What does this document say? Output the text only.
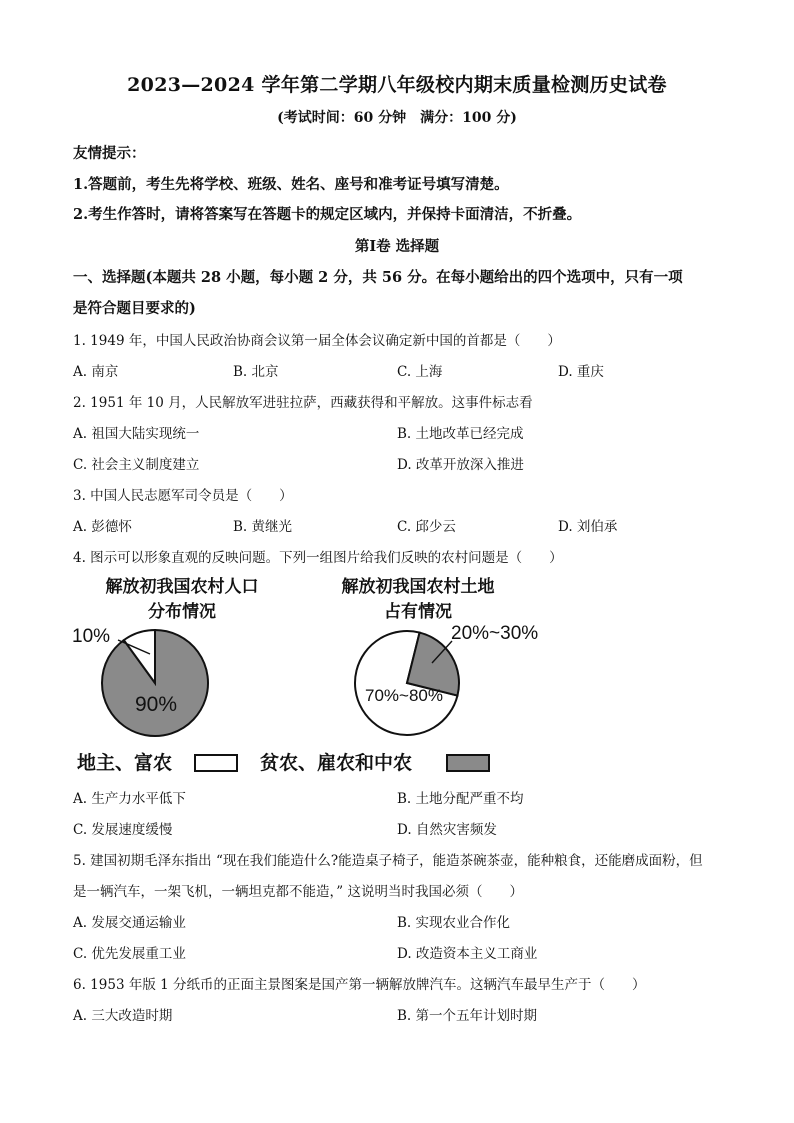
2023—2024 学年第二学期八年级校内期末质量检测历史试卷
(考试时间：60 分钟　满分：100 分)
友情提示：
1.答题前，考生先将学校、班级、姓名、座号和准考证号填写清楚。
2.考生作答时，请将答案写在答题卡的规定区域内，并保持卡面清洁，不折叠。
第Ⅰ卷 选择题
一、选择题(本题共 28 小题，每小题 2 分，共 56 分。在每小题给出的四个选项中，只有一项
是符合题目要求的)
1. 1949 年，中国人民政治协商会议第一届全体会议确定新中国的首都是（　　）
A. 南京	B. 北京	C. 上海	D. 重庆
2. 1951 年 10 月，人民解放军进驻拉萨，西藏获得和平解放。这事件标志看
A. 祖国大陆实现统一	B. 土地改革已经完成
C. 社会主义制度建立	D. 改革开放深入推进
3. 中国人民志愿军司令员是（　　）
A. 彭德怀	B. 黄继光	C. 邱少云	D. 刘伯承
4. 图示可以形象直观的反映问题。下列一组图片给我们反映的农村问题是（　　）
解放初我国农村人口
分布情况
解放初我国农村土地
占有情况
10%
90%
20%~30%
70%~80%
地主、富农	贫农、雇农和中农
A. 生产力水平低下	B. 土地分配严重不均
C. 发展速度缓慢	D. 自然灾害频发
5. 建国初期毛泽东指出 “现在我们能造什么?能造桌子椅子，能造茶碗茶壶，能种粮食，还能磨成面粉，但
是一辆汽车，一架飞机，一辆坦克都不能造，” 这说明当时我国必须（　　）
A. 发展交通运输业	B. 实现农业合作化
C. 优先发展重工业	D. 改造资本主义工商业
6. 1953 年版 1 分纸币的正面主景图案是国产第一辆解放牌汽车。这辆汽车最早生产于（　　）
A. 三大改造时期	B. 第一个五年计划时期
